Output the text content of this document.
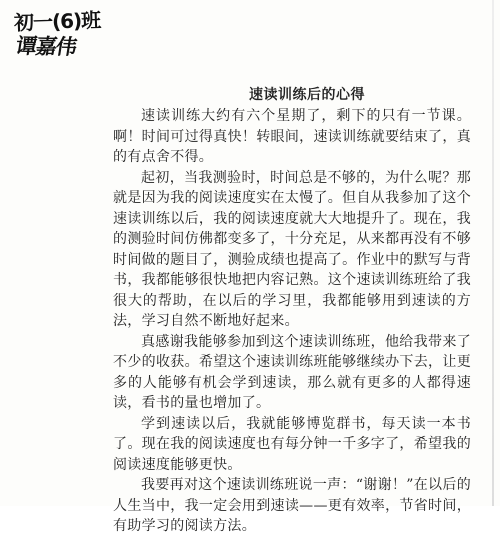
初一(6)班
谭嘉伟

速读训练后的心得

速读训练大约有六个星期了，剩下的只有一节课。啊！时间可过得真快！转眼间，速读训练就要结束了，真的有点舍不得。

起初，当我测验时，时间总是不够的，为什么呢？那就是因为我的阅读速度实在太慢了。但自从我参加了这个速读训练以后，我的阅读速度就大大地提升了。现在，我的测验时间仿佛都变多了，十分充足，从来都再没有不够时间做的题目了，测验成绩也提高了。作业中的默写与背书，我都能够很快地把内容记熟。这个速读训练班给了我很大的帮助，在以后的学习里，我都能够用到速读的方法，学习自然不断地好起来。

真感谢我能够参加到这个速读训练班，他给我带来了不少的收获。希望这个速读训练班能够继续办下去，让更多的人能够有机会学到速读，那么就有更多的人都得速读，看书的量也增加了。

学到速读以后，我就能够博览群书，每天读一本书了。现在我的阅读速度也有每分钟一千多字了，希望我的阅读速度能够更快。

我要再对这个速读训练班说一声：“谢谢！”在以后的人生当中，我一定会用到速读——更有效率，节省时间，有助学习的阅读方法。
